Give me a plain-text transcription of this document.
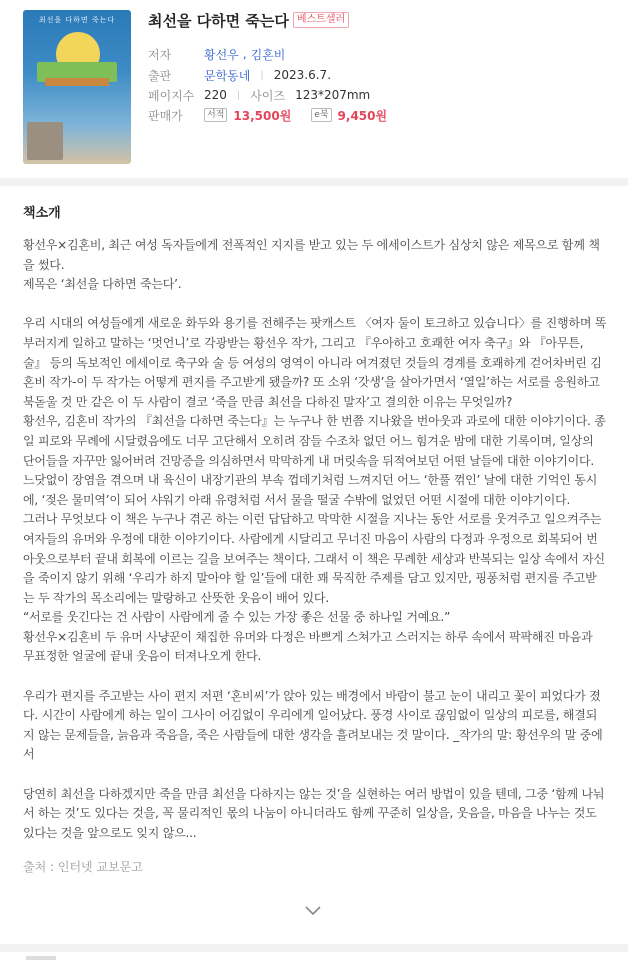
최선을 다하면 죽는다	최선을 다하면 죽는다 베스트셀러
저자	황선우 , 김혼비
출판	문학동네 | 2023.6.7.
페이지수 220 | 사이즈 123*207mm
판매가	서적 13,500원	e북 9,450원
책소개

황선우×김혼비, 최근 여성 독자들에게 전폭적인 지지를 받고 있는 두 에세이스트가 심상치 않은 제목으로 함께 책을 썼다.

제목은 ‘최선을 다하면 죽는다’.

우리 시대의 여성들에게 새로운 화두와 용기를 전해주는 팟캐스트 〈여자 둘이 토크하고 있습니다〉를 진행하며 똑부러지게 일하고 말하는 ‘멋언니’로 각광받는 황선우 작가, 그리고 『우아하고 호쾌한 여자 축구』와 『아무튼, 술』 등의 독보적인 에세이로 축구와 술 등 여성의 영역이 아니라 여겨졌던 것들의 경계를 호쾌하게 걷어차버린 김혼비 작가-이 두 작가는 어떻게 편지를 주고받게 됐을까? 또 소위 ‘갓생’을 살아가면서 ‘열일’하는 서로를 응원하고 북돋울 것 만 같은 이 두 사람이 결코 ‘죽을 만큼 최선을 다하진 말자’고 결의한 이유는 무엇일까?

황선우, 김혼비 작가의 『최선을 다하면 죽는다』는 누구나 한 번쯤 지나왔을 번아웃과 과로에 대한 이야기이다. 종일 피로와 무례에 시달렸음에도 너무 고단해서 오히려 잠들 수조차 없던 어느 힘겨운 밤에 대한 기록이며, 일상의 단어들을 자꾸만 잃어버려 건망증을 의심하면서 막막하게 내 머릿속을 뒤적여보던 어떤 날들에 대한 이야기이다. 느닷없이 장염을 겪으며 내 육신이 내장기관의 부속 껍데기처럼 느껴지던 어느 ‘한풀 꺾인’ 날에 대한 기억인 동시에, ‘젖은 물미역’이 되어 샤워기 아래 유령처럼 서서 물을 떨굴 수밖에 없었던 어떤 시절에 대한 이야기이다.

그러나 무엇보다 이 책은 누구나 겪곤 하는 이런 답답하고 막막한 시절을 지나는 동안 서로를 웃겨주고 일으켜주는 여자들의 유머와 우정에 대한 이야기이다. 사람에게 시달리고 무너진 마음이 사람의 다정과 우정으로 회복되어 번아웃으로부터 끝내 회복에 이르는 길을 보여주는 책이다. 그래서 이 책은 무례한 세상과 반복되는 일상 속에서 자신을 죽이지 않기 위해 ‘우리가 하지 말아야 할 일’들에 대한 꽤 묵직한 주제를 담고 있지만, 핑퐁처럼 편지를 주고받는 두 작가의 목소리에는 말랑하고 산뜻한 웃음이 배어 있다.

“서로를 웃긴다는 건 사람이 사람에게 줄 수 있는 가장 좋은 선물 중 하나일 거예요.”

황선우×김혼비 두 유머 사냥꾼이 채집한 유머와 다정은 바쁘게 스쳐가고 스러지는 하루 속에서 팍팍해진 마음과 무표정한 얼굴에 끝내 웃음이 터져나오게 한다.

우리가 편지를 주고받는 사이 편지 저편 ‘혼비씨’가 앉아 있는 배경에서 바람이 불고 눈이 내리고 꽃이 피었다가 졌다. 시간이 사람에게 하는 일이 그사이 어김없이 우리에게 일어났다. 풍경 사이로 끊임없이 일상의 피로를, 해결되지 않는 문제들을, 늙음과 죽음을, 죽은 사람들에 대한 생각을 흘려보내는 것 말이다. _작가의 말: 황선우의 말 중에서

당연히 최선을 다하겠지만 죽을 만큼 최선을 다하지는 않는 것’을 실현하는 여러 방법이 있을 텐데, 그중 ‘함께 나눠서 하는 것’도 있다는 것을, 꼭 물리적인 몫의 나눔이 아니더라도 함께 꾸준히 일상을, 웃음을, 마음을 나누는 것도 있다는 것을 앞으로도 잊지 않으...

출처 : 인터넷 교보문고
